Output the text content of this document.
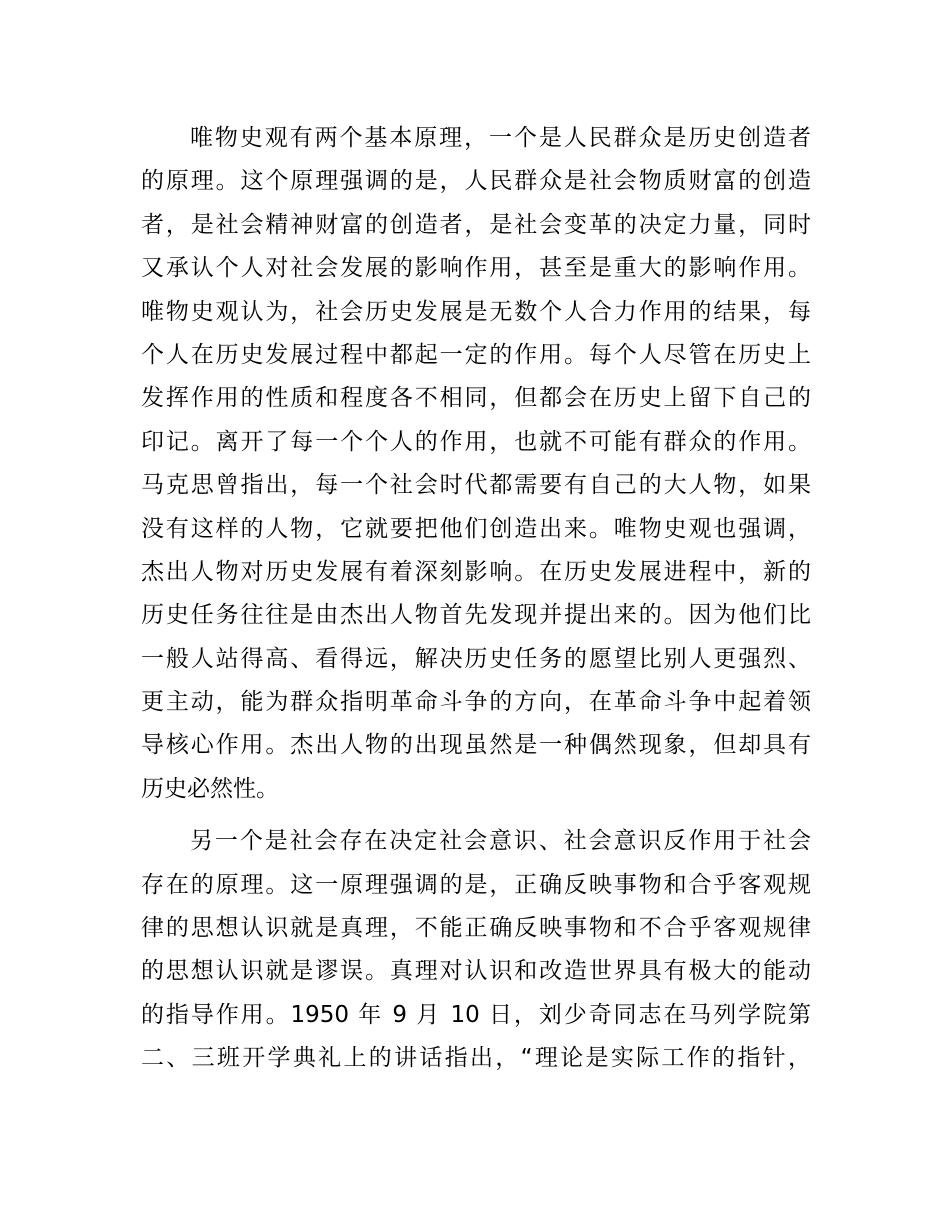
唯物史观有两个基本原理，一个是人民群众是历史创造者
的原理。这个原理强调的是，人民群众是社会物质财富的创造
者，是社会精神财富的创造者，是社会变革的决定力量，同时
又承认个人对社会发展的影响作用，甚至是重大的影响作用。
唯物史观认为，社会历史发展是无数个人合力作用的结果，每
个人在历史发展过程中都起一定的作用。每个人尽管在历史上
发挥作用的性质和程度各不相同，但都会在历史上留下自己的
印记。离开了每一个个人的作用，也就不可能有群众的作用。
马克思曾指出，每一个社会时代都需要有自己的大人物，如果
没有这样的人物，它就要把他们创造出来。唯物史观也强调，
杰出人物对历史发展有着深刻影响。在历史发展进程中，新的
历史任务往往是由杰出人物首先发现并提出来的。因为他们比
一般人站得高、看得远，解决历史任务的愿望比别人更强烈、
更主动，能为群众指明革命斗争的方向，在革命斗争中起着领
导核心作用。杰出人物的出现虽然是一种偶然现象，但却具有
历史必然性。
另一个是社会存在决定社会意识、社会意识反作用于社会
存在的原理。这一原理强调的是，正确反映事物和合乎客观规
律的思想认识就是真理，不能正确反映事物和不合乎客观规律
的思想认识就是谬误。真理对认识和改造世界具有极大的能动
的指导作用。1950 年 9 月 10 日，刘少奇同志在马列学院第
二、三班开学典礼上的讲话指出，“理论是实际工作的指针，
